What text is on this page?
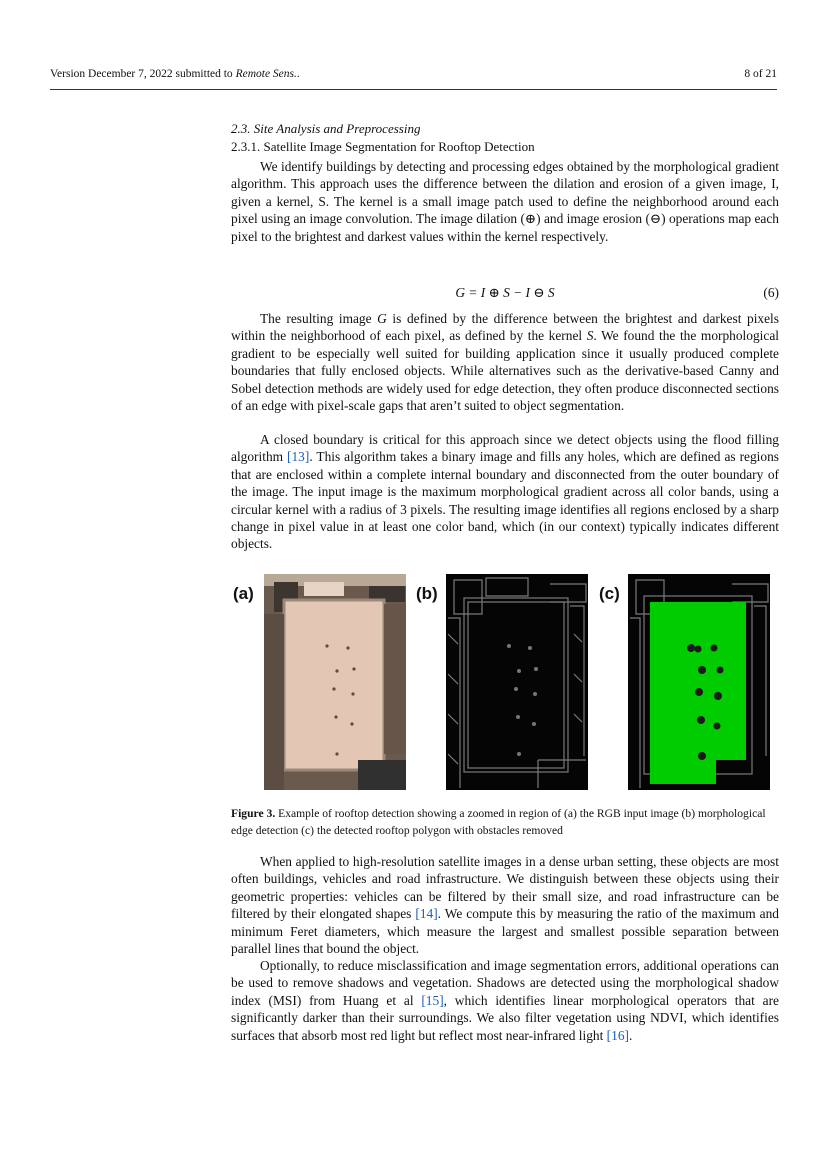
Version December 7, 2022 submitted to Remote Sens..	8 of 21
2.3. Site Analysis and Preprocessing
2.3.1. Satellite Image Segmentation for Rooftop Detection

We identify buildings by detecting and processing edges obtained by the morphological gradient algorithm. This approach uses the difference between the dilation and erosion of a given image, I, given a kernel, S. The kernel is a small image patch used to define the neighborhood around each pixel using an image convolution. The image dilation (⊕) and image erosion (⊖) operations map each pixel to the brightest and darkest values within the kernel respectively.

G = I ⊕ S − I ⊖ S	(6)

The resulting image G is defined by the difference between the brightest and darkest pixels within the neighborhood of each pixel, as defined by the kernel S. We found the the morphological gradient to be especially well suited for building application since it usually produced complete boundaries that fully enclosed objects. While alternatives such as the derivative-based Canny and Sobel detection methods are widely used for edge detection, they often produce disconnected sections of an edge with pixel-scale gaps that aren’t suited to object segmentation.

A closed boundary is critical for this approach since we detect objects using the flood filling algorithm [13]. This algorithm takes a binary image and fills any holes, which are defined as regions that are enclosed within a complete internal boundary and disconnected from the outer boundary of the image. The input image is the maximum morphological gradient across all color bands, using a circular kernel with a radius of 3 pixels. The resulting image identifies all regions enclosed by a sharp change in pixel value in at least one color band, which (in our context) typically indicates different objects.

(a)	(b)	(c)
Figure 3. Example of rooftop detection showing a zoomed in region of (a) the RGB input image (b) morphological edge detection (c) the detected rooftop polygon with obstacles removed

When applied to high-resolution satellite images in a dense urban setting, these objects are most often buildings, vehicles and road infrastructure. We distinguish between these objects using their geometric properties: vehicles can be filtered by their small size, and road infrastructure can be filtered by their elongated shapes [14]. We compute this by measuring the ratio of the maximum and minimum Feret diameters, which measure the largest and smallest possible separation between parallel lines that bound the object.

Optionally, to reduce misclassification and image segmentation errors, additional operations can be used to remove shadows and vegetation. Shadows are detected using the morphological shadow index (MSI) from Huang et al [15], which identifies linear morphological operators that are significantly darker than their surroundings. We also filter vegetation using NDVI, which identifies surfaces that absorb most red light but reflect most near-infrared light [16].
